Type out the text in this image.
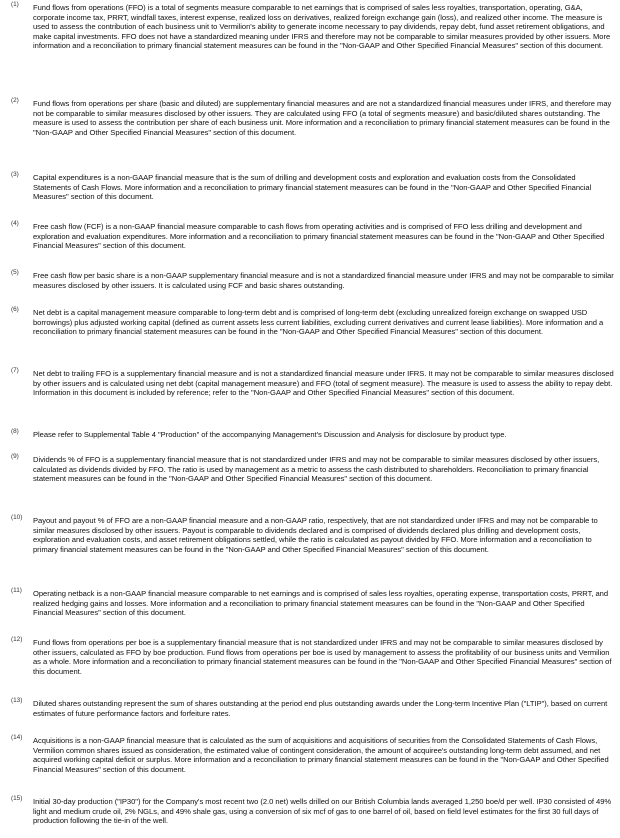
(1) Fund flows from operations (FFO) is a total of segments measure comparable to net earnings that is comprised of sales less royalties, transportation, operating, G&A, corporate income tax, PRRT, windfall taxes, interest expense, realized loss on derivatives, realized foreign exchange gain (loss), and realized other income. The measure is used to assess the contribution of each business unit to Vermilion's ability to generate income necessary to pay dividends, repay debt, fund asset retirement obligations, and make capital investments. FFO does not have a standardized meaning under IFRS and therefore may not be comparable to similar measures provided by other issuers. More information and a reconciliation to primary financial statement measures can be found in the "Non-GAAP and Other Specified Financial Measures" section of this document.
(2) Fund flows from operations per share (basic and diluted) are supplementary financial measures and are not a standardized financial measures under IFRS, and therefore may not be comparable to similar measures disclosed by other issuers. They are calculated using FFO (a total of segments measure) and basic/diluted shares outstanding. The measure is used to assess the contribution per share of each business unit. More information and a reconciliation to primary financial statement measures can be found in the "Non-GAAP and Other Specified Financial Measures" section of this document.
(3) Capital expenditures is a non-GAAP financial measure that is the sum of drilling and development costs and exploration and evaluation costs from the Consolidated Statements of Cash Flows. More information and a reconciliation to primary financial statement measures can be found in the "Non-GAAP and Other Specified Financial Measures" section of this document.
(4) Free cash flow (FCF) is a non-GAAP financial measure comparable to cash flows from operating activities and is comprised of FFO less drilling and development and exploration and evaluation expenditures. More information and a reconciliation to primary financial statement measures can be found in the "Non-GAAP and Other Specified Financial Measures" section of this document.
(5) Free cash flow per basic share is a non-GAAP supplementary financial measure and is not a standardized financial measure under IFRS and may not be comparable to similar measures disclosed by other issuers. It is calculated using FCF and basic shares outstanding.
(6) Net debt is a capital management measure comparable to long-term debt and is comprised of long-term debt (excluding unrealized foreign exchange on swapped USD borrowings) plus adjusted working capital (defined as current assets less current liabilities, excluding current derivatives and current lease liabilities). More information and a reconciliation to primary financial statement measures can be found in the "Non-GAAP and Other Specified Financial Measures" section of this document.
(7) Net debt to trailing FFO is a supplementary financial measure and is not a standardized financial measure under IFRS. It may not be comparable to similar measures disclosed by other issuers and is calculated using net debt (capital management measure) and FFO (total of segment measure). The measure is used to assess the ability to repay debt. Information in this document is included by reference; refer to the "Non-GAAP and Other Specified Financial Measures" section of this document.
(8) Please refer to Supplemental Table 4 "Production" of the accompanying Management's Discussion and Analysis for disclosure by product type.
(9) Dividends % of FFO is a supplementary financial measure that is not standardized under IFRS and may not be comparable to similar measures disclosed by other issuers, calculated as dividends divided by FFO. The ratio is used by management as a metric to assess the cash distributed to shareholders. Reconciliation to primary financial statement measures can be found in the "Non-GAAP and Other Specified Financial Measures" section of this document.
(10) Payout and payout % of FFO are a non-GAAP financial measure and a non-GAAP ratio, respectively, that are not standardized under IFRS and may not be comparable to similar measures disclosed by other issuers. Payout is comparable to dividends declared and is comprised of dividends declared plus drilling and development costs, exploration and evaluation costs, and asset retirement obligations settled, while the ratio is calculated as payout divided by FFO. More information and a reconciliation to primary financial statement measures can be found in the "Non-GAAP and Other Specified Financial Measures" section of this document.
(11) Operating netback is a non-GAAP financial measure comparable to net earnings and is comprised of sales less royalties, operating expense, transportation costs, PRRT, and realized hedging gains and losses. More information and a reconciliation to primary financial statement measures can be found in the "Non-GAAP and Other Specified Financial Measures" section of this document.
(12) Fund flows from operations per boe is a supplementary financial measure that is not standardized under IFRS and may not be comparable to similar measures disclosed by other issuers, calculated as FFO by boe production. Fund flows from operations per boe is used by management to assess the profitability of our business units and Vermilion as a whole. More information and a reconciliation to primary financial statement measures can be found in the "Non-GAAP and Other Specified Financial Measures" section of this document.
(13) Diluted shares outstanding represent the sum of shares outstanding at the period end plus outstanding awards under the Long-term Incentive Plan ("LTIP"), based on current estimates of future performance factors and forfeiture rates.
(14) Acquisitions is a non-GAAP financial measure that is calculated as the sum of acquisitions and acquisitions of securities from the Consolidated Statements of Cash Flows, Vermilion common shares issued as consideration, the estimated value of contingent consideration, the amount of acquiree's outstanding long-term debt assumed, and net acquired working capital deficit or surplus. More information and a reconciliation to primary financial statement measures can be found in the "Non-GAAP and Other Specified Financial Measures" section of this document.
(15) Initial 30-day production ("IP30") for the Company's most recent two (2.0 net) wells drilled on our British Columbia lands averaged 1,250 boe/d per well. IP30 consisted of 49% light and medium crude oil, 2% NGLs, and 49% shale gas, using a conversion of six mcf of gas to one barrel of oil, based on field level estimates for the first 30 full days of production following the tie-in of the well.
